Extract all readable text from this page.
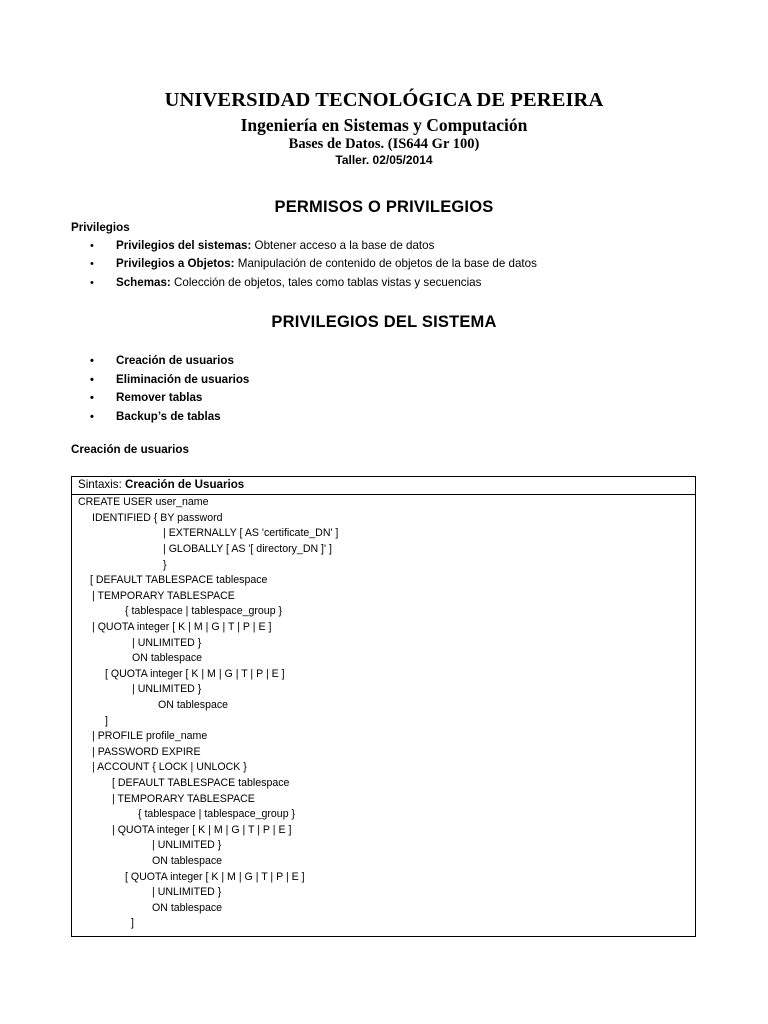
UNIVERSIDAD TECNOLÓGICA DE PEREIRA
Ingeniería en Sistemas y Computación
Bases de Datos. (IS644 Gr 100)
Taller. 02/05/2014
PERMISOS O PRIVILEGIOS
Privilegios
• Privilegios del sistemas: Obtener acceso a la base de datos
• Privilegios a Objetos: Manipulación de contenido de objetos de la base de datos
• Schemas: Colección de objetos, tales como tablas vistas y secuencias
PRIVILEGIOS DEL SISTEMA
• Creación de usuarios
• Eliminación de usuarios
• Remover tablas
• Backup’s de tablas
Creación de usuarios
Sintaxis: Creación de Usuarios
CREATE USER user_name
IDENTIFIED { BY password
| EXTERNALLY [ AS 'certificate_DN' ]
| GLOBALLY [ AS '[ directory_DN ]' ]
}
[ DEFAULT TABLESPACE tablespace
| TEMPORARY TABLESPACE
{ tablespace | tablespace_group }
| QUOTA integer [ K | M | G | T | P | E ]
| UNLIMITED }
ON tablespace
[ QUOTA integer [ K | M | G | T | P | E ]
| UNLIMITED }
ON tablespace
]
| PROFILE profile_name
| PASSWORD EXPIRE
| ACCOUNT { LOCK | UNLOCK }
[ DEFAULT TABLESPACE tablespace
| TEMPORARY TABLESPACE
{ tablespace | tablespace_group }
| QUOTA integer [ K | M | G | T | P | E ]
| UNLIMITED }
ON tablespace
[ QUOTA integer [ K | M | G | T | P | E ]
| UNLIMITED }
ON tablespace
]
